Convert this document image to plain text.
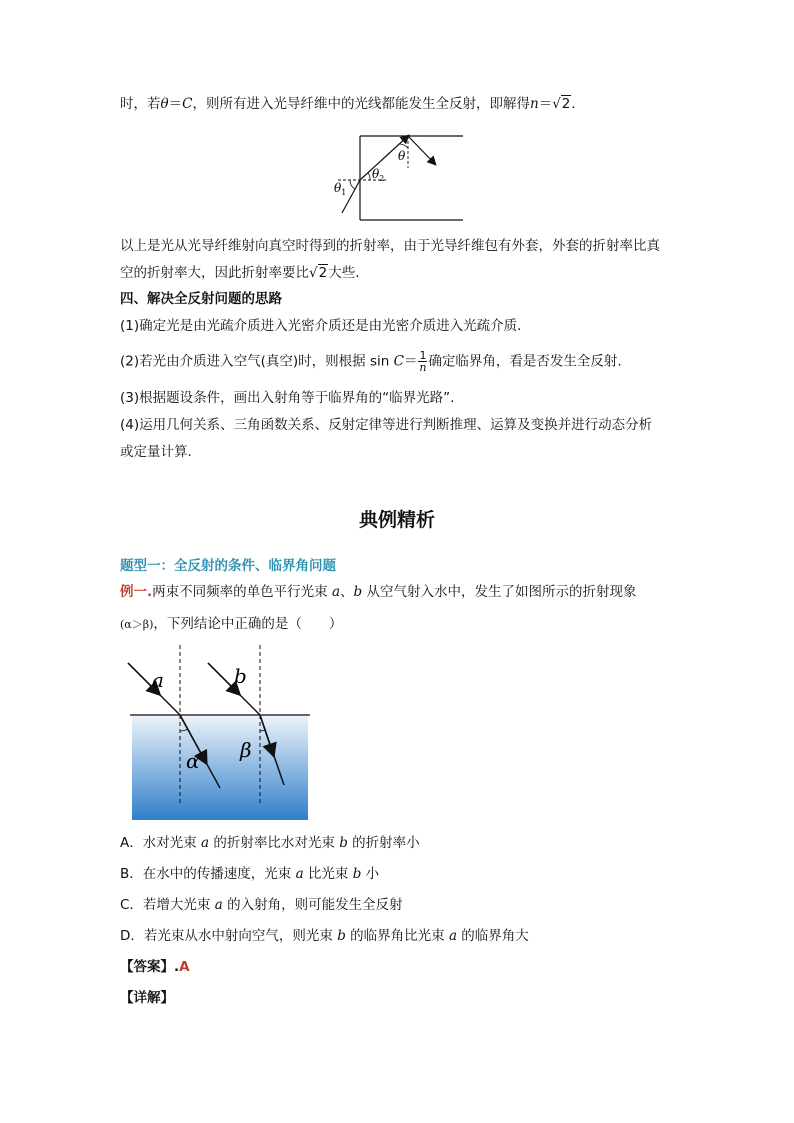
时，若θ＝C，则所有进入光导纤维中的光线都能发生全反射，即解得n＝√2.
θ
$\theta_1$
$\theta_2$
以上是光从光导纤维射向真空时得到的折射率，由于光导纤维包有外套，外套的折射率比真
空的折射率大，因此折射率要比√2大些.
四、解决全反射问题的思路
(1)确定光是由光疏介质进入光密介质还是由光密介质进入光疏介质.
(2)若光由介质进入空气(真空)时，则根据 $\sin C= \frac{1}{n}$ 确定临界角，看是否发生全反射.
(3)根据题设条件，画出入射角等于临界角的“临界光路”.
(4)运用几何关系、三角函数关系、反射定律等进行判断推理、运算及变换并进行动态分析
或定量计算.
典例精析
题型一：全反射的条件、临界角问题
例一.两束不同频率的单色平行光束 a、b 从空气射入水中，发生了如图所示的折射现象
(α＞β)，下列结论中正确的是（　　）
a	b
α β
A．水对光束 a 的折射率比水对光束 b 的折射率小
B．在水中的传播速度，光束 a 比光束 b 小
C．若增大光束 a 的入射角，则可能发生全反射
D．若光束从水中射向空气，则光束 b 的临界角比光束 a 的临界角大
【答案】.A
【详解】
